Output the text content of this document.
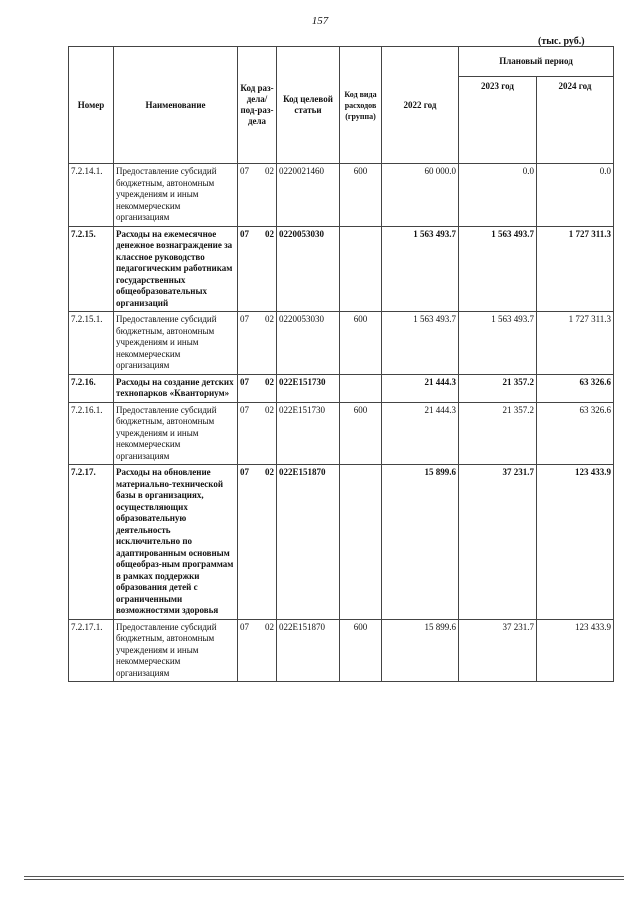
157
(тыс. руб.)
Номер	Наименование	Код раз-дела/ под-раз-дела	Код целевой статьи	Код вида расходов (группа)	2022 год	Плановый период	
						2023 год	2024 год
7.2.14.1.	Предоставление субсидий бюджетным, автономным учреждениям и иным некоммерческим организациям	07 02	0220021460	600	60 000.0	0.0	0.0
7.2.15.	Расходы на ежемесячное денежное вознаграждение за классное руководство педагогическим работникам государственных общеобразовательных организаций	07 02	0220053030		1 563 493.7	1 563 493.7	1 727 311.3
7.2.15.1.	Предоставление субсидий бюджетным, автономным учреждениям и иным некоммерческим организациям	07 02	0220053030	600	1 563 493.7	1 563 493.7	1 727 311.3
7.2.16.	Расходы на создание детских технопарков «Кванториум»	07 02	022E151730		21 444.3	21 357.2	63 326.6
7.2.16.1.	Предоставление субсидий бюджетным, автономным учреждениям и иным некоммерческим организациям	07 02	022E151730	600	21 444.3	21 357.2	63 326.6
7.2.17.	Расходы на обновление материально-технической базы в организациях, осуществляющих образовательную деятельность исключительно по адаптированным основным общеобраз-ным программам в рамках поддержки образования детей с ограниченными возможностями здоровья	07 02	022E151870		15 899.6	37 231.7	123 433.9
7.2.17.1.	Предоставление субсидий бюджетным, автономным учреждениям и иным некоммерческим организациям	07 02	022E151870	600	15 899.6	37 231.7	123 433.9
